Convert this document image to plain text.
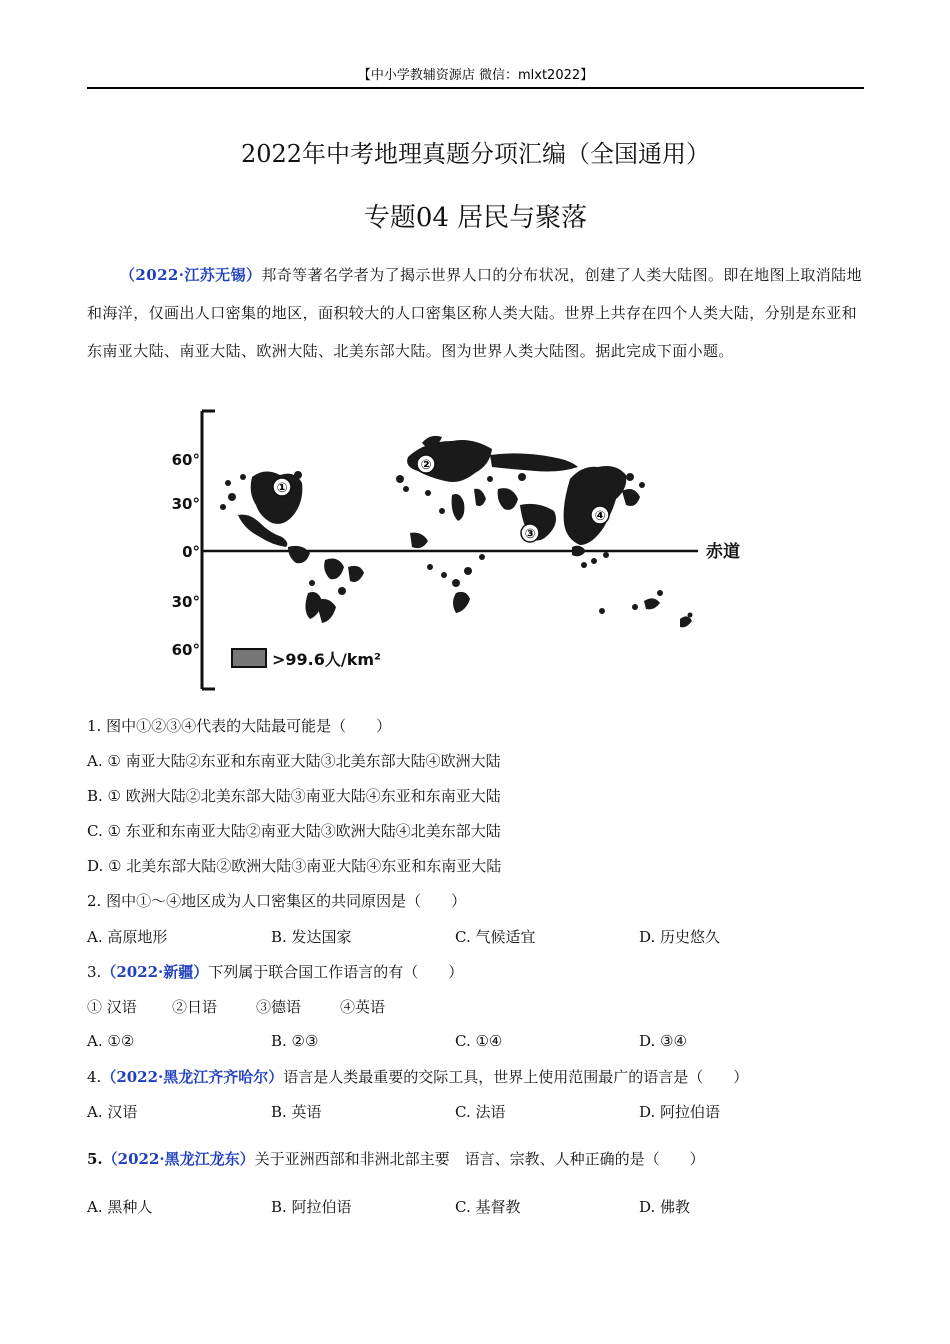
【中小学教辅资源店 微信：mlxt2022】
2022年中考地理真题分项汇编（全国通用）
专题04 居民与聚落
（2022·江苏无锡）邦奇等著名学者为了揭示世界人口的分布状况，创建了人类大陆图。即在地图上取消陆地和海洋，仅画出人口密集的地区，面积较大的人口密集区称人类大陆。世界上共存在四个人类大陆，分别是东亚和东南亚大陆、南亚大陆、欧洲大陆、北美东部大陆。图为世界人类大陆图。据此完成下面小题。
①
②
③
④
60°
30°
0°
30°
60°
赤道
>99.6人/km²
1. 图中①②③④代表的大陆最可能是（　　）
A. ① 南亚大陆②东亚和东南亚大陆③北美东部大陆④欧洲大陆
B. ① 欧洲大陆②北美东部大陆③南亚大陆④东亚和东南亚大陆
C. ① 东亚和东南亚大陆②南亚大陆③欧洲大陆④北美东部大陆
D. ① 北美东部大陆②欧洲大陆③南亚大陆④东亚和东南亚大陆
2. 图中①～④地区成为人口密集区的共同原因是（　　）
A. 高原地形	B. 发达国家	C. 气候适宜	D. 历史悠久
3.（2022·新疆）下列属于联合国工作语言的有（　　）
① 汉语 ②日语	③德语	④英语
A. ①②	B. ②③	C. ①④	D. ③④
4.（2022·黑龙江齐齐哈尔）语言是人类最重要的交际工具，世界上使用范围最广的语言是（　　）
A. 汉语	B. 英语	C. 法语	D. 阿拉伯语
5.（2022·黑龙江龙东）关于亚洲西部和非洲北部主要　语言、宗教、人种正确的是（　　）
A. 黑种人	B. 阿拉伯语	C. 基督教	D. 佛教
